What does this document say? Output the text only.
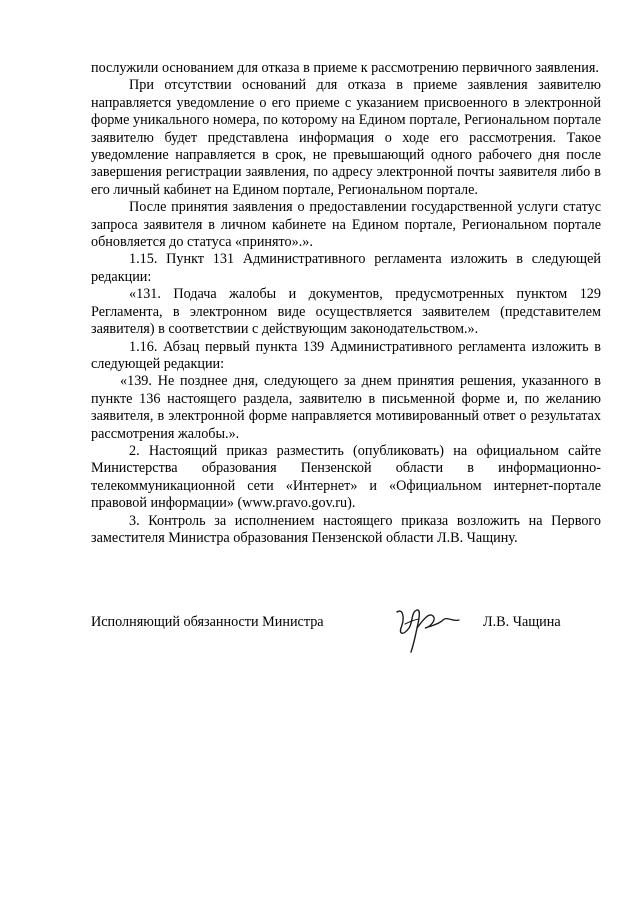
послужили основанием для отказа в приеме к рассмотрению первичного заявления.

При отсутствии оснований для отказа в приеме заявления заявителю направляется уведомление о его приеме с указанием присвоенного в электронной форме уникального номера, по которому на Едином портале, Региональном портале заявителю будет представлена информация о ходе его рассмотрения. Такое уведомление направляется в срок, не превышающий одного рабочего дня после завершения регистрации заявления, по адресу электронной почты заявителя либо в его личный кабинет на Едином портале, Региональном портале.

После принятия заявления о предоставлении государственной услуги статус запроса заявителя в личном кабинете на Едином портале, Региональном портале обновляется до статуса «принято».».

1.15. Пункт 131 Административного регламента изложить в следующей редакции:

«131. Подача жалобы и документов, предусмотренных пунктом 129 Регламента, в электронном виде осуществляется заявителем (представителем заявителя) в соответствии с действующим законодательством.».

1.16. Абзац первый пункта 139 Административного регламента изложить в следующей редакции:

«139. Не позднее дня, следующего за днем принятия решения, указанного в пункте 136 настоящего раздела, заявителю в письменной форме и, по желанию заявителя, в электронной форме направляется мотивированный ответ о результатах рассмотрения жалобы.».

2. Настоящий приказ разместить (опубликовать) на официальном сайте Министерства образования Пензенской области в информационно-телекоммуникационной сети «Интернет» и «Официальном интернет-портале правовой информации» (www.pravo.gov.ru).

3. Контроль за исполнением настоящего приказа возложить на Первого заместителя Министра образования Пензенской области Л.В. Чащину.

Исполняющий обязанности Министра	Л.В. Чащина
